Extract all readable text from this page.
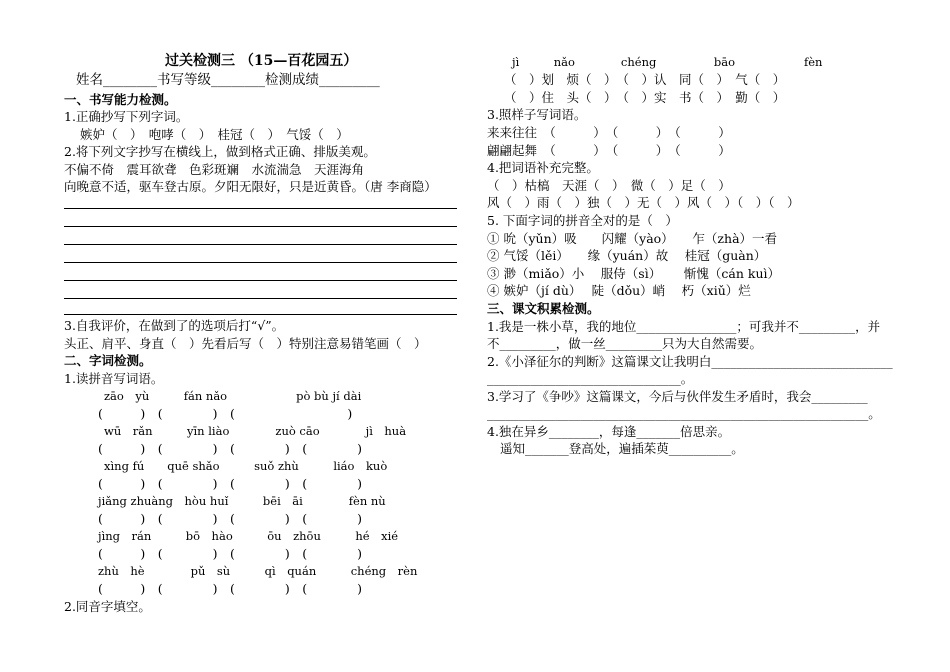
过关检测三 （15—百花园五）
姓名________书写等级________检测成绩_________
一、书写能力检测。
1.正确抄写下列字词。
嫉妒（　）　咆哮（　）　桂冠（　）　气馁（　）
2.将下列文字抄写在横线上，做到格式正确、排版美观。
不偏不倚　震耳欲聋　色彩斑斓　水流湍急　天涯海角
向晚意不适，驱车登古原。夕阳无限好，只是近黄昏。（唐 李商隐）
3.自我评价，在做到了的选项后打“√”。
头正、肩平、身直（　）先看后写（　）特别注意易错笔画（　）
二、字词检测。
1.读拼音写词语。
zāo　yù　　　fán nǎo　　　　　　pò bù jí dài
(　　　)　(　　　　)　(　　　　　　　　　)
wū　rǎn　　　yīn liào　　　　zuò cāo　　　　jì　huà
(　　　)　(　　　　)　(　　　　)　(　　　　)
xìng fú　　quē shǎo　　　suǒ zhù　　　liáo　kuò
(　　　)　(　　　　)　(　　　　)　(　　　　)
jiǎng zhuàng　hòu huǐ　　　bēi　āi　　　　fèn nù
(　　　)　(　　　　)　(　　　　)　(　　　　)
jìng　rán　　　bō　hào　　　ōu　zhōu　　　hé　xié
(　　　)　(　　　　)　(　　　　)　(　　　　)
zhù　hè　　　　pǔ　sù　　　qì　quán　　　chéng　rèn
(　　　)　(　　　　)　(　　　　)　(　　　　)
2.同音字填空。
jì　　　nǎo　　　　chéng　　　　　bāo　　　　　　fèn
（　）划　烦（　）　（　）认　同（　）　气（　）
（　）住　头（　）　（　）实　书（　）　勤（　）
3.照样子写词语。
来来往往　（　　　）　（　　　）　（　　　）
翩翩起舞　（　　　）　（　　　）　（　　　）
4.把词语补充完整。
（　）枯槁　天涯（　）　微（　）足（　）
风（　）雨（　）独（　）无（　）风（　）（　）（　）
5. 下面字词的拼音全对的是（　）
① 吮（yǔn）吸　　闪耀（yào）　　乍（zhà）一看
② 气馁（lěi）　　缘（yuán）故　 桂冠（guàn）
③ 渺（miǎo）小　 服侍（sì）　　 惭愧（cán kuì）
④ 嫉妒（jí dù）　 陡（dǒu）峭　 朽（xiǔ）烂
三、课文积累检测。
1.我是一株小草，我的地位________________；可我并不_________，并
不_________，做一丝_________只为大自然需要。
2.《小泽征尔的判断》这篇课文让我明白_____________________________
_______________________________。
3.学习了《争吵》这篇课文，今后与伙伴发生矛盾时，我会_________
_____________________________________________________________。
4.独在异乡________，每逢_______倍思亲。
遥知_______登高处，遍插茱萸__________。
